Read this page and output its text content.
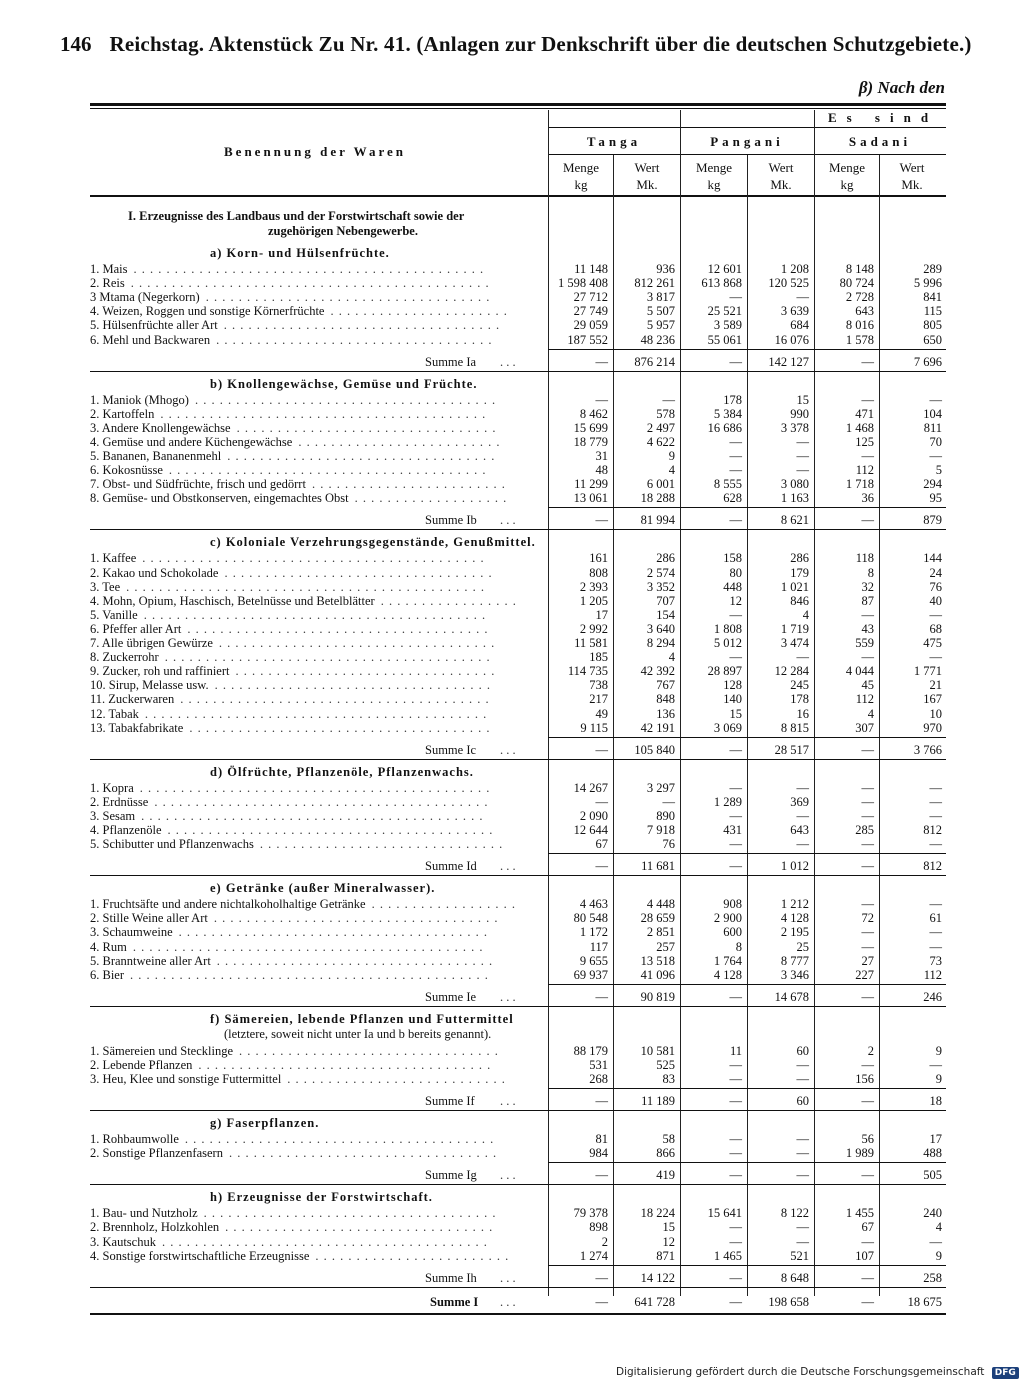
146 Reichstag. Aktenstück Zu Nr. 41. (Anlagen zur Denkschrift über die deutschen Schutzgebiete.)
β) Nach den
Es sind
Benennung der Waren
Tanga	Pangani	Sadani
Menge
kg
Wert
Mk.
Menge
kg
Wert
Mk.
Menge
kg
Wert
Mk.
I. Erzeugnisse des Landbaus und der Forstwirtschaft sowie der
zugehörigen Nebengewerbe.
a) Korn- und Hülsenfrüchte.
1. Mais . . . . . . . . . . . . . . . . . . . . . . . . . . . . . . . . . . . . . . . . . . .	11 148	936	12 601	1 208	8 148	289
2. Reis . . . . . . . . . . . . . . . . . . . . . . . . . . . . . . . . . . . . . . . . . . . .	1 598 408	812 261	613 868	120 525	80 724	5 996
3 Mtama (Negerkorn) . . . . . . . . . . . . . . . . . . . . . . . . . . . . . . . . . . .	27 712	3 817	—	—	2 728	841
4. Weizen, Roggen und sonstige Körnerfrüchte . . . . . . . . . . . . . . . . . . . . . .	27 749	5 507	25 521	3 639	643	115
5. Hülsenfrüchte aller Art . . . . . . . . . . . . . . . . . . . . . . . . . . . . . . . . . .	29 059	5 957	3 589	684	8 016	805
6. Mehl und Backwaren . . . . . . . . . . . . . . . . . . . . . . . . . . . . . . . . . .	187 552	48 236	55 061	16 076	1 578	650
Summe Ia . . .	—	876 214	—	142 127	—	7 696
b) Knollengewächse, Gemüse und Früchte.
1. Maniok (Mhogo) . . . . . . . . . . . . . . . . . . . . . . . . . . . . . . . . . . . . .	—	—	178	15	—	—
2. Kartoffeln . . . . . . . . . . . . . . . . . . . . . . . . . . . . . . . . . . . . . . . .	8 462	578	5 384	990	471	104
3. Andere Knollengewächse . . . . . . . . . . . . . . . . . . . . . . . . . . . . . . . .	15 699	2 497	16 686	3 378	1 468	811
4. Gemüse und andere Küchengewächse . . . . . . . . . . . . . . . . . . . . . . . . .	18 779	4 622	—	—	125	70
5. Bananen, Bananenmehl . . . . . . . . . . . . . . . . . . . . . . . . . . . . . . . . .	31	9	—	—	—	—
6. Kokosnüsse . . . . . . . . . . . . . . . . . . . . . . . . . . . . . . . . . . . . . . .	48	4	—	—	112	5
7. Obst- und Südfrüchte, frisch und gedörrt . . . . . . . . . . . . . . . . . . . . . . . .	11 299	6 001	8 555	3 080	1 718	294
8. Gemüse- und Obstkonserven, eingemachtes Obst . . . . . . . . . . . . . . . . . . .	13 061	18 288	628	1 163	36	95
Summe Ib . . .	—	81 994	—	8 621	—	879
c) Koloniale Verzehrungsgegenstände, Genußmittel.
1. Kaffee . . . . . . . . . . . . . . . . . . . . . . . . . . . . . . . . . . . . . . . . . .	161	286	158	286	118	144
2. Kakao und Schokolade . . . . . . . . . . . . . . . . . . . . . . . . . . . . . . . . .	808	2 574	80	179	8	24
3. Tee . . . . . . . . . . . . . . . . . . . . . . . . . . . . . . . . . . . . . . . . . . . .	2 393	3 352	448	1 021	32	76
4. Mohn, Opium, Haschisch, Betelnüsse und Betelblätter . . . . . . . . . . . . . . . . .	1 205	707	12	846	87	40
5. Vanille . . . . . . . . . . . . . . . . . . . . . . . . . . . . . . . . . . . . . . . . . .	17	154	—	4	—	—
6. Pfeffer aller Art . . . . . . . . . . . . . . . . . . . . . . . . . . . . . . . . . . . . .	2 992	3 640	1 808	1 719	43	68
7. Alle übrigen Gewürze . . . . . . . . . . . . . . . . . . . . . . . . . . . . . . . . . .	11 581	8 294	5 012	3 474	559	475
8. Zuckerrohr . . . . . . . . . . . . . . . . . . . . . . . . . . . . . . . . . . . . . . . .	185	4	—	—	—	—
9. Zucker, roh und raffiniert . . . . . . . . . . . . . . . . . . . . . . . . . . . . . . . .	114 735	42 392	28 897	12 284	4 044	1 771
10. Sirup, Melasse usw. . . . . . . . . . . . . . . . . . . . . . . . . . . . . . . . . . .	738	767	128	245	45	21
11. Zuckerwaren . . . . . . . . . . . . . . . . . . . . . . . . . . . . . . . . . . . . . .	217	848	140	178	112	167
12. Tabak . . . . . . . . . . . . . . . . . . . . . . . . . . . . . . . . . . . . . . . . . .	49	136	15	16	4	10
13. Tabakfabrikate . . . . . . . . . . . . . . . . . . . . . . . . . . . . . . . . . . . . .	9 115	42 191	3 069	8 815	307	970
Summe Ic . . .	—	105 840	—	28 517	—	3 766
d) Ölfrüchte, Pflanzenöle, Pflanzenwachs.
1. Kopra . . . . . . . . . . . . . . . . . . . . . . . . . . . . . . . . . . . . . . . . . . .	14 267	3 297	—	—	—	—
2. Erdnüsse . . . . . . . . . . . . . . . . . . . . . . . . . . . . . . . . . . . . . . . . .	—	—	1 289	369	—	—
3. Sesam . . . . . . . . . . . . . . . . . . . . . . . . . . . . . . . . . . . . . . . . . .	2 090	890	—	—	—	—
4. Pflanzenöle . . . . . . . . . . . . . . . . . . . . . . . . . . . . . . . . . . . . . . . .	12 644	7 918	431	643	285	812
5. Schibutter und Pflanzenwachs . . . . . . . . . . . . . . . . . . . . . . . . . . . . . .	67	76	—	—	—	—
Summe Id . . .	—	11 681	—	1 012	—	812
e) Getränke (außer Mineralwasser).
1. Fruchtsäfte und andere nichtalkoholhaltige Getränke . . . . . . . . . . . . . . . . . .	4 463	4 448	908	1 212	—	—
2. Stille Weine aller Art . . . . . . . . . . . . . . . . . . . . . . . . . . . . . . . . . . .	80 548	28 659	2 900	4 128	72	61
3. Schaumweine . . . . . . . . . . . . . . . . . . . . . . . . . . . . . . . . . . . . . .	1 172	2 851	600	2 195	—	—
4. Rum . . . . . . . . . . . . . . . . . . . . . . . . . . . . . . . . . . . . . . . . . . .	117	257	8	25	—	—
5. Branntweine aller Art . . . . . . . . . . . . . . . . . . . . . . . . . . . . . . . . . .	9 655	13 518	1 764	8 777	27	73
6. Bier . . . . . . . . . . . . . . . . . . . . . . . . . . . . . . . . . . . . . . . . . . . .	69 937	41 096	4 128	3 346	227	112
Summe Ie . . .	—	90 819	—	14 678	—	246
f) Sämereien, lebende Pflanzen und Futtermittel
(letztere, soweit nicht unter Ia und b bereits genannt).
1. Sämereien und Stecklinge . . . . . . . . . . . . . . . . . . . . . . . . . . . . . . . .	88 179	10 581	11	60	2	9
2. Lebende Pflanzen . . . . . . . . . . . . . . . . . . . . . . . . . . . . . . . . . . . .	531	525	—	—	—	—
3. Heu, Klee und sonstige Futtermittel . . . . . . . . . . . . . . . . . . . . . . . . . . .	268	83	—	—	156	9
Summe If . . .	—	11 189	—	60	—	18
g) Faserpflanzen.
1. Rohbaumwolle . . . . . . . . . . . . . . . . . . . . . . . . . . . . . . . . . . . . . .	81	58	—	—	56	17
2. Sonstige Pflanzenfasern . . . . . . . . . . . . . . . . . . . . . . . . . . . . . . . . .	984	866	—	—	1 989	488
Summe Ig . . .	—	419	—	—	—	505
h) Erzeugnisse der Forstwirtschaft.
1. Bau- und Nutzholz . . . . . . . . . . . . . . . . . . . . . . . . . . . . . . . . . . . .	79 378	18 224	15 641	8 122	1 455	240
2. Brennholz, Holzkohlen . . . . . . . . . . . . . . . . . . . . . . . . . . . . . . . . .	898	15	—	—	67	4
3. Kautschuk . . . . . . . . . . . . . . . . . . . . . . . . . . . . . . . . . . . . . . . .	2	12	—	—	—	—
4. Sonstige forstwirtschaftliche Erzeugnisse . . . . . . . . . . . . . . . . . . . . . . . .	1 274	871	1 465	521	107	9
Summe Ih . . .	—	14 122	—	8 648	—	258
Summe I . . .	—	641 728	—	198 658	—	18 675
Digitalisierung gefördert durch die Deutsche Forschungsgemeinschaft DFG
